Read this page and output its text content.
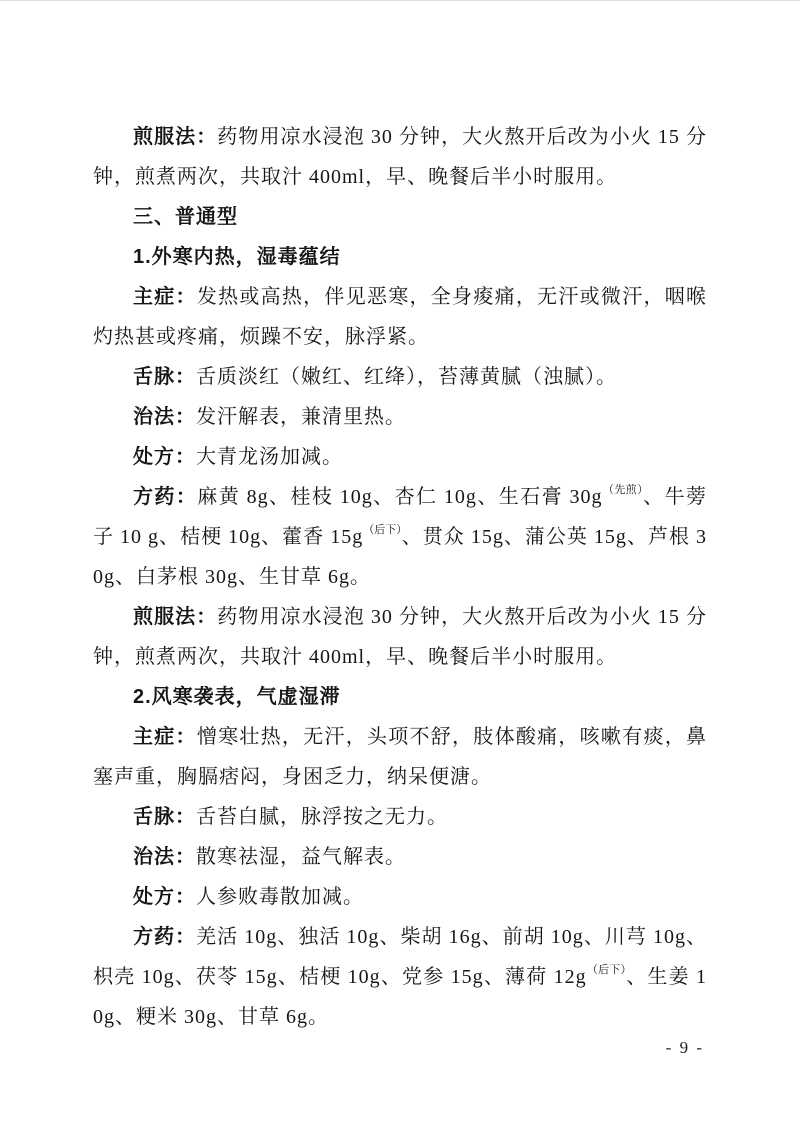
煎服法：药物用凉水浸泡 30 分钟，大火熬开后改为小火 15 分钟，煎煮两次，共取汁 400ml，早、晚餐后半小时服用。

三、普通型

1.外寒内热，湿毒蕴结

主症：发热或高热，伴见恶寒，全身痠痛，无汗或微汗，咽喉灼热甚或疼痛，烦躁不安，脉浮紧。

舌脉：舌质淡红（嫩红、红绛），苔薄黄腻（浊腻）。

治法：发汗解表，兼清里热。

处方：大青龙汤加减。

方药：麻黄 8g、桂枝 10g、杏仁 10g、生石膏 $30g^{(先煎)}$、牛蒡子 10 g、桔梗 10g、藿香 $15g^{(后下)}$、贯众 15g、蒲公英 15g、芦根 30g、白茅根 30g、生甘草 6g。

煎服法：药物用凉水浸泡 30 分钟，大火熬开后改为小火 15 分钟，煎煮两次，共取汁 400ml，早、晚餐后半小时服用。

2.风寒袭表，气虚湿滞

主症：憎寒壮热，无汗，头项不舒，肢体酸痛，咳嗽有痰，鼻塞声重，胸膈痞闷，身困乏力，纳呆便溏。

舌脉：舌苔白腻，脉浮按之无力。

治法：散寒祛湿，益气解表。

处方：人参败毒散加减。

方药：羌活 10g、独活 10g、柴胡 16g、前胡 10g、川芎 10g、枳壳 10g、茯苓 15g、桔梗 10g、党参 15g、薄荷 $12g^{(后下)}$、生姜 10g、粳米 30g、甘草 6g。

- 9 -
